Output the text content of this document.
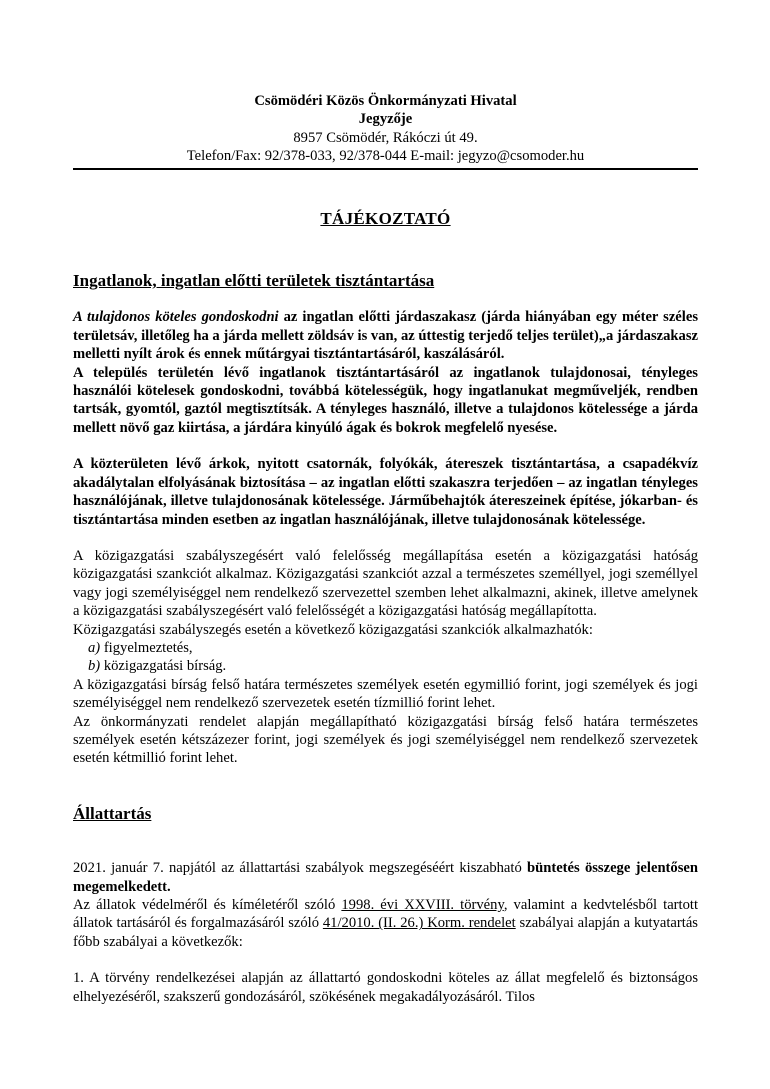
Csömödéri Közös Önkormányzati Hivatal
Jegyzője
8957 Csömödér, Rákóczi út 49.
Telefon/Fax: 92/378-033, 92/378-044 E-mail: jegyzo@csomoder.hu
TÁJÉKOZTATÓ
Ingatlanok, ingatlan előtti területek tisztántartása

A tulajdonos köteles gondoskodni az ingatlan előtti járdaszakasz (járda hiányában egy méter széles területsáv, illetőleg ha a járda mellett zöldsáv is van, az úttestig terjedő teljes terület)„a járdaszakasz melletti nyílt árok és ennek műtárgyai tisztántartásáról, kaszálásáról.

A település területén lévő ingatlanok tisztántartásáról az ingatlanok tulajdonosai, tényleges használói kötelesek gondoskodni, továbbá kötelességük, hogy ingatlanukat megműveljék, rendben tartsák, gyomtól, gaztól megtisztítsák. A tényleges használó, illetve a tulajdonos kötelessége a járda mellett növő gaz kiirtása, a járdára kinyúló ágak és bokrok megfelelő nyesése.

A közterületen lévő árkok, nyitott csatornák, folyókák, átereszek tisztántartása, a csapadékvíz akadálytalan elfolyásának biztosítása – az ingatlan előtti szakaszra terjedően – az ingatlan tényleges használójának, illetve tulajdonosának kötelessége. Járműbehajtók átereszeinek építése, jókarban- és tisztántartása minden esetben az ingatlan használójának, illetve tulajdonosának kötelessége.

A közigazgatási szabályszegésért való felelősség megállapítása esetén a közigazgatási hatóság közigazgatási szankciót alkalmaz. Közigazgatási szankciót azzal a természetes személlyel, jogi személlyel vagy jogi személyiséggel nem rendelkező szervezettel szemben lehet alkalmazni, akinek, illetve amelynek a közigazgatási szabályszegésért való felelősségét a közigazgatási hatóság megállapította.

Közigazgatási szabályszegés esetén a következő közigazgatási szankciók alkalmazhatók:

a) figyelmeztetés,
b) közigazgatási bírság.

A közigazgatási bírság felső határa természetes személyek esetén egymillió forint, jogi személyek és jogi személyiséggel nem rendelkező szervezetek esetén tízmillió forint lehet.

Az önkormányzati rendelet alapján megállapítható közigazgatási bírság felső határa természetes személyek esetén kétszázezer forint, jogi személyek és jogi személyiséggel nem rendelkező szervezetek esetén kétmillió forint lehet.

Állattartás

2021. január 7. napjától az állattartási szabályok megszegéséért kiszabható büntetés összege jelentősen megemelkedett.

Az állatok védelméről és kíméletéről szóló 1998. évi XXVIII. törvény, valamint a kedvtelésből tartott állatok tartásáról és forgalmazásáról szóló 41/2010. (II. 26.) Korm. rendelet szabályai alapján a kutyatartás főbb szabályai a következők:

1. A törvény rendelkezései alapján az állattartó gondoskodni köteles az állat megfelelő és biztonságos elhelyezéséről, szakszerű gondozásáról, szökésének megakadályozásáról. Tilos
